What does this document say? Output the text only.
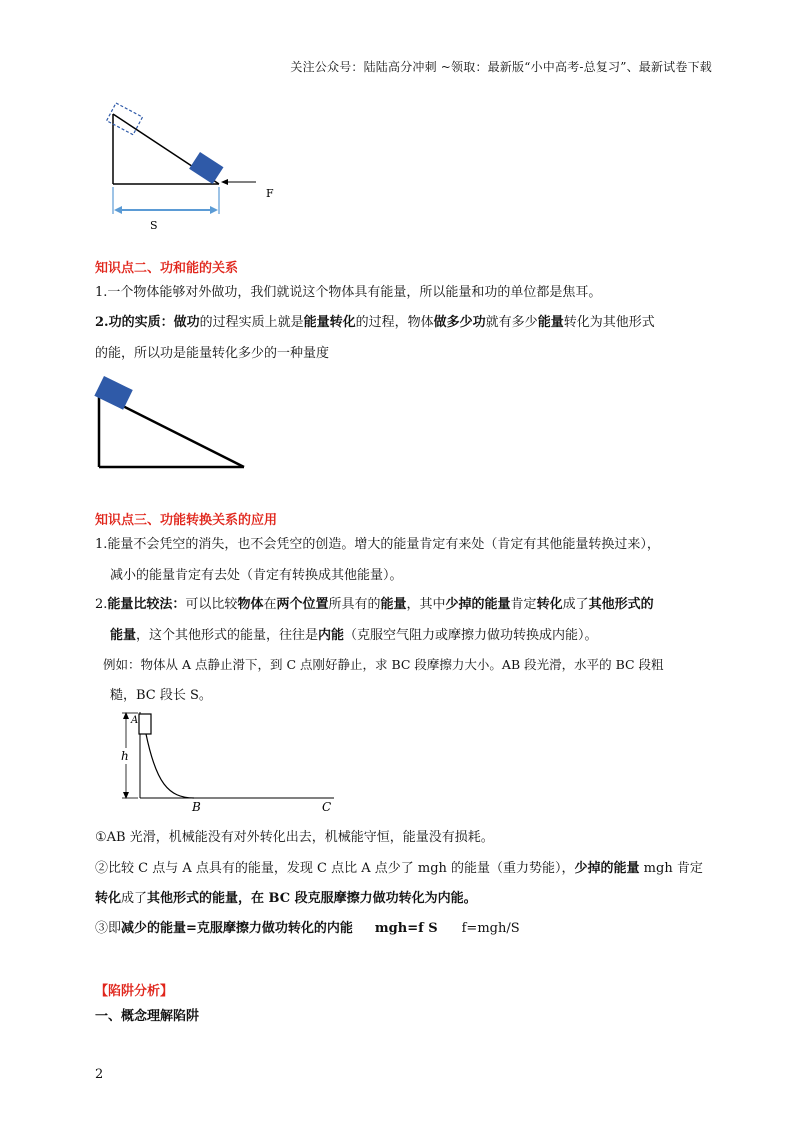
关注公众号：陆陆高分冲刺 ~领取：最新版“小中高考-总复习”、最新试卷下载
F
S
知识点二、功和能的关系
1.一个物体能够对外做功，我们就说这个物体具有能量，所以能量和功的单位都是焦耳。
2.功的实质：做功的过程实质上就是能量转化的过程，物体做多少功就有多少能量转化为其他形式
的能，所以功是能量转化多少的一种量度
知识点三、功能转换关系的应用
1.能量不会凭空的消失，也不会凭空的创造。增大的能量肯定有来处（肯定有其他能量转换过来），
减小的能量肯定有去处（肯定有转换成其他能量）。
2.能量比较法：可以比较物体在两个位置所具有的能量，其中少掉的能量肯定转化成了其他形式的
能量，这个其他形式的能量，往往是内能（克服空气阻力或摩擦力做功转换成内能）。
例如：物体从 A 点静止滑下，到 C 点刚好静止，求 BC 段摩擦力大小。AB 段光滑，水平的 BC 段粗
糙，BC 段长 S。
h
A
B	C
①AB 光滑，机械能没有对外转化出去，机械能守恒，能量没有损耗。
②比较 C 点与 A 点具有的能量，发现 C 点比 A 点少了 mgh 的能量（重力势能），少掉的能量 mgh 肯定
转化成了其他形式的能量，在 BC 段克服摩擦力做功转化为内能。
③即减少的能量=克服摩擦力做功转化的内能 mgh=f S f=mgh/S
【陷阱分析】
一、概念理解陷阱
2
